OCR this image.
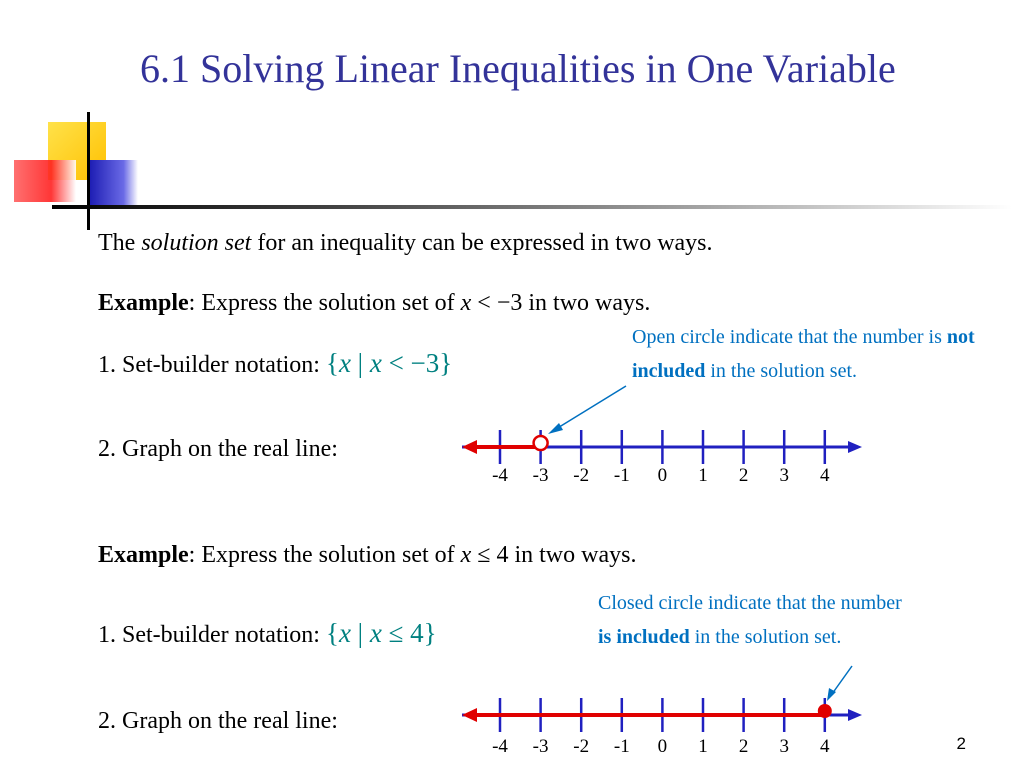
6.1 Solving Linear Inequalities in One Variable
The solution set for an inequality can be expressed in two ways.
Example: Express the solution set of x < −3 in two ways.
1. Set-builder notation: {x | x < −3}
2. Graph on the real line:
Open circle indicate that the number is not included in the solution set.
Example: Express the solution set of x ≤ 4 in two ways.
1. Set-builder notation: {x | x ≤ 4}
2. Graph on the real line:
Closed circle indicate that the number is included in the solution set.
-4	-3	-2	-1	0	1	2	3	4
-4	-3	-2	-1	0	1	2	3	4	2
